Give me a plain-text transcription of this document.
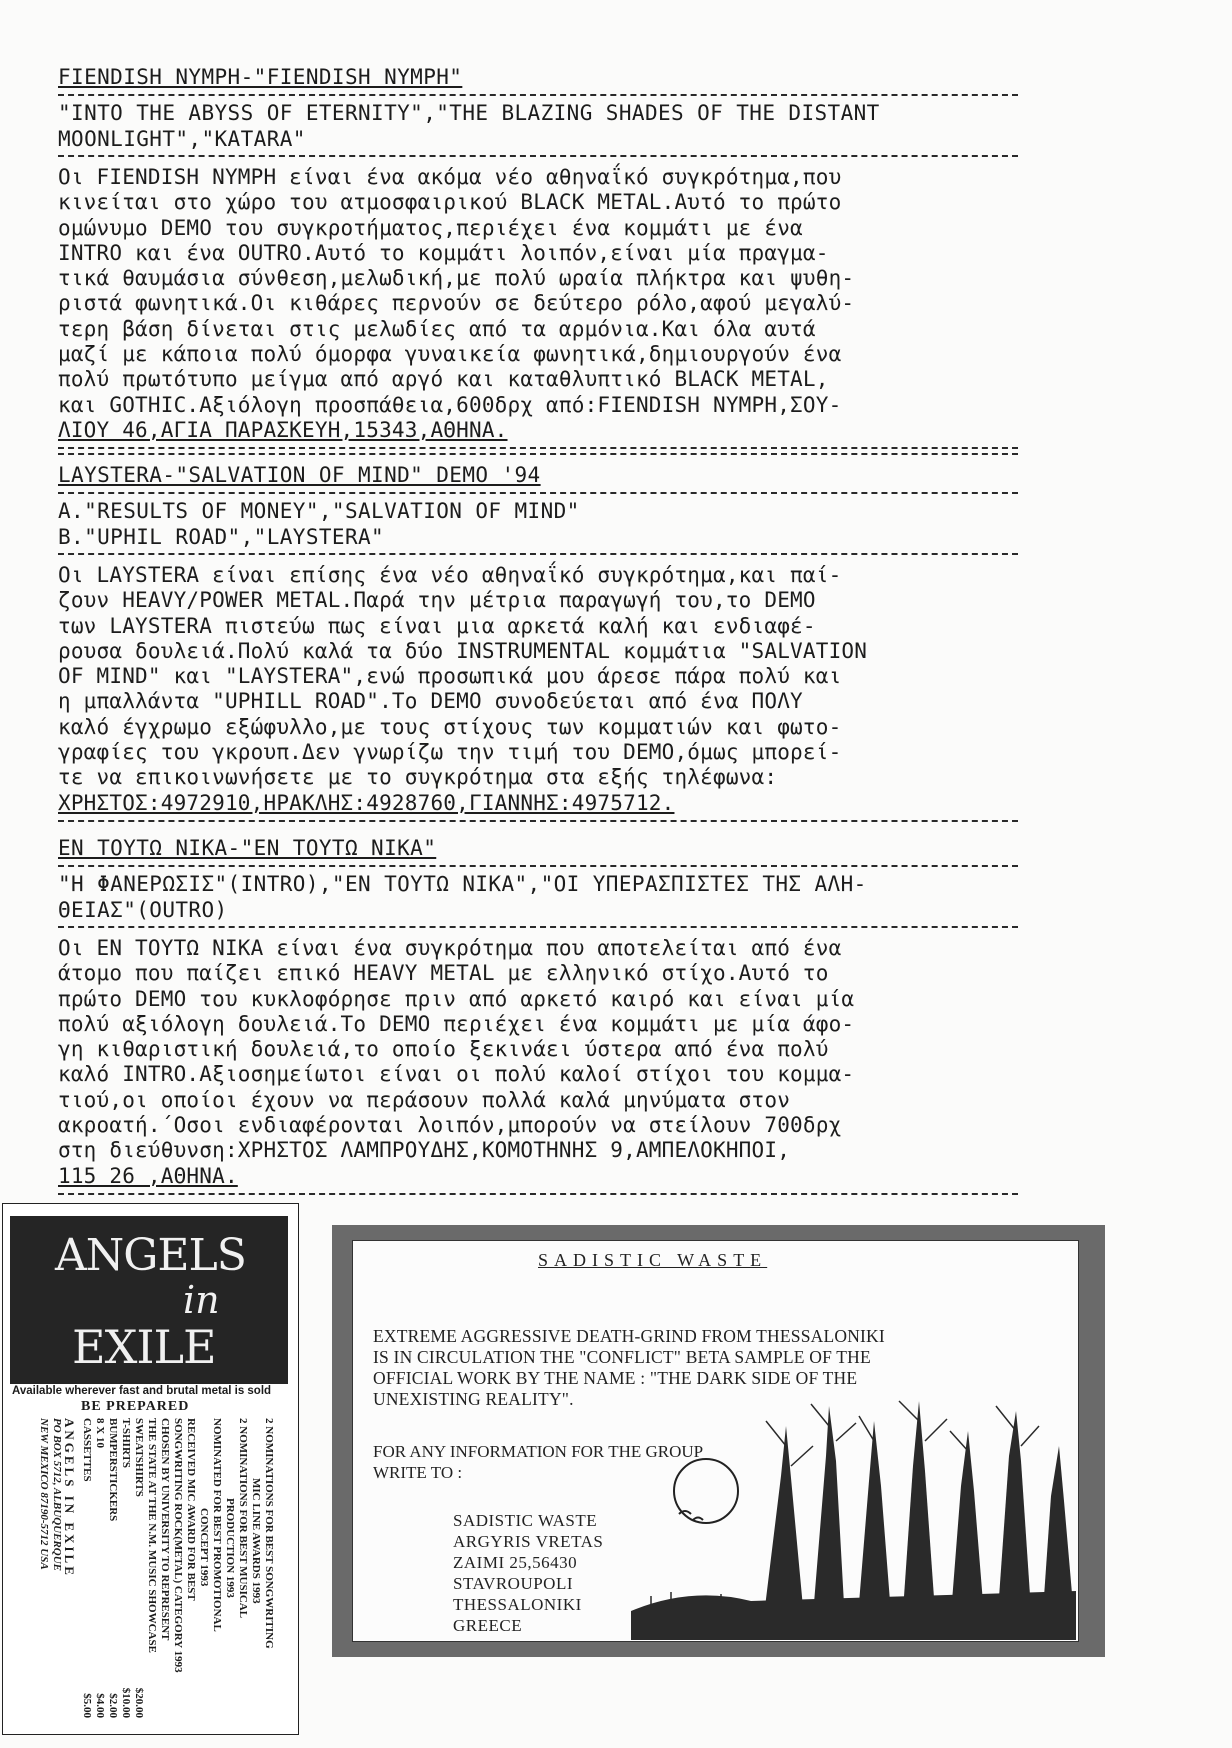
FIENDISH NYMPH-"FIENDISH NYMPH"
"INTO THE ABYSS OF ETERNITY","THE BLAZING SHADES OF THE DISTANT
MOONLIGHT","KATARA"
Οι FIENDISH NYMPH είναι ένα ακόμα νέο αθηναΐκό συγκρότημα,που
κινείται στο χώρο του ατμοσφαιρικού BLACK METAL.Αυτό το πρώτο
ομώνυμο DEMO του συγκροτήματος,περιέχει ένα κομμάτι με ένα
INTRO και ένα OUTRO.Αυτό το κομμάτι λοιπόν,είναι μία πραγμα-
τικά θαυμάσια σύνθεση,μελωδική,με πολύ ωραία πλήκτρα και ψυθη-
ριστά φωνητικά.Οι κιθάρες περνούν σε δεύτερο ρόλο,αφού μεγαλύ-
τερη βάση δίνεται στις μελωδίες από τα αρμόνια.Και όλα αυτά
μαζί με κάποια πολύ όμορφα γυναικεία φωνητικά,δημιουργούν ένα
πολύ πρωτότυπο μείγμα από αργό και καταθλυπτικό BLACK METAL,
και GOTHIC.Αξιόλογη προσπάθεια,600δρχ από:FIENDISH NYMPH,ΣΟΥ-
ΛΙΟΥ 46,ΑΓΙΑ ΠΑΡΑΣΚΕΥΗ,15343,ΑΘΗΝΑ.
LAYSTERA-"SALVATION OF MIND" DEMO '94
A."RESULTS OF MONEY","SALVATION OF MIND"
B."UPHIL ROAD","LAYSTERA"
Οι LAYSTERA είναι επίσης ένα νέο αθηναΐκό συγκρότημα,και παί-
ζουν HEAVY/POWER METAL.Παρά την μέτρια παραγωγή του,το DEMO
των LAYSTERA πιστεύω πως είναι μια αρκετά καλή και ενδιαφέ-
ρουσα δουλειά.Πολύ καλά τα δύο INSTRUMENTAL κομμάτια "SALVATION
OF MIND" και "LAYSTERA",ενώ προσωπικά μου άρεσε πάρα πολύ και
η μπαλλάντα "UPHILL ROAD".Το DEMO συνοδεύεται από ένα ΠΟΛΥ
καλό έγχρωμο εξώφυλλο,με τους στίχους των κομματιών και φωτο-
γραφίες του γκρουπ.Δεν γνωρίζω την τιμή του DEMO,όμως μπορεί-
τε να επικοινωνήσετε με το συγκρότημα στα εξής τηλέφωνα:
ΧΡΗΣΤΟΣ:4972910,ΗΡΑΚΛΗΣ:4928760,ΓΙΑΝΝΗΣ:4975712.
ΕΝ ΤΟΥΤΩ ΝΙΚΑ-"ΕΝ ΤΟΥΤΩ ΝΙΚΑ"
"Η ΦΑΝΕΡΩΣΙΣ"(INTRO),"ΕΝ ΤΟΥΤΩ ΝΙΚΑ","ΟΙ ΥΠΕΡΑΣΠΙΣΤΕΣ ΤΗΣ ΑΛΗ-
ΘΕΙΑΣ"(OUTRO)
Οι ΕΝ ΤΟΥΤΩ ΝΙΚΑ είναι ένα συγκρότημα που αποτελείται από ένα
άτομο που παίζει επικό HEAVY METAL με ελληνικό στίχο.Αυτό το
πρώτο DEMO του κυκλοφόρησε πριν από αρκετό καιρό και είναι μία
πολύ αξιόλογη δουλειά.Το DEMO περιέχει ένα κομμάτι με μία άφο-
γη κιθαριστική δουλειά,το οποίο ξεκινάει ύστερα από ένα πολύ
καλό INTRO.Αξιοσημείωτοι είναι οι πολύ καλοί στίχοι του κομμα-
τιού,οι οποίοι έχουν να περάσουν πολλά καλά μηνύματα στον
ακροατή.΄Οσοι ενδιαφέρονται λοιπόν,μπορούν να στείλουν 700δρχ
στη διεύθυνση:ΧΡΗΣΤΟΣ ΛΑΜΠΡΟΥΔΗΣ,ΚΟΜΟΤΗΝΗΣ 9,ΑΜΠΕΛΟΚΗΠΟΙ,
115 26 ,ΑΘΗΝΑ.
ANGELS
in
EXILE
Available wherever fast and brutal metal is sold
BE PREPARED
2 NOMINATIONS FOR BEST SONGWRITING
MIC LINE AWARDS 1993
2 NOMINATIONS FOR BEST MUSICAL
PRODUCTION 1993
NOMINATED FOR BEST PROMOTIONAL
CONCEPT 1993
RECEIVED MIC AWARD FOR BEST
SONGWRITING ROCK(METAL) CATEGORY 1993
CHOSEN BY UNIVERSITY TO REPRESENT
THE STATE AT THE N.M. MUSIC SHOWCASE
SWEATSHIRTS
$20.00
T-SHIRTS
$10.00
BUMPERSTICKERS
$2.00
8 X 10
$4.00
CASSETTES
$5.00
ANGELS IN EXILE
PO BOX 5712, ALBUQUERQUE
NEW MEXICO 87190-5712 USA
SADISTIC WASTE
EXTREME AGGRESSIVE DEATH-GRIND FROM THESSALONIKI
IS IN CIRCULATION THE "CONFLICT" BETA SAMPLE OF THE
OFFICIAL WORK BY THE NAME : "THE DARK SIDE OF THE
UNEXISTING REALITY".
FOR ANY INFORMATION FOR THE GROUP
WRITE TO :
SADISTIC WASTE
ARGYRIS VRETAS
ZAIMI 25,56430
STAVROUPOLI
THESSALONIKI
GREECE
